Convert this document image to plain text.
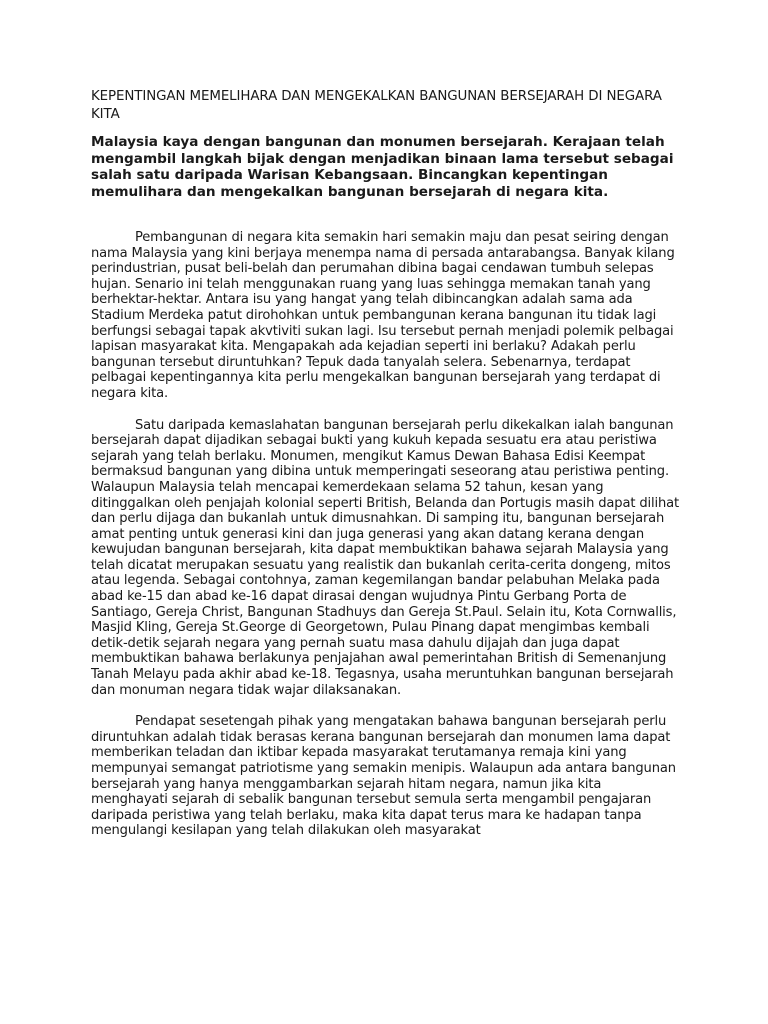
KEPENTINGAN MEMELIHARA DAN MENGEKALKAN BANGUNAN BERSEJARAH DI NEGARA KITA

Malaysia kaya dengan bangunan dan monumen bersejarah. Kerajaan telah mengambil langkah bijak dengan menjadikan binaan lama tersebut sebagai salah satu daripada Warisan Kebangsaan. Bincangkan kepentingan memulihara dan mengekalkan bangunan bersejarah di negara kita.

Pembangunan di negara kita semakin hari semakin maju dan pesat seiring dengan nama Malaysia yang kini berjaya menempa nama di persada antarabangsa. Banyak kilang perindustrian, pusat beli-belah dan perumahan dibina bagai cendawan tumbuh selepas hujan. Senario ini telah menggunakan ruang yang luas sehingga memakan tanah yang berhektar-hektar. Antara isu yang hangat yang telah dibincangkan adalah sama ada Stadium Merdeka patut dirohohkan untuk pembangunan kerana bangunan itu tidak lagi berfungsi sebagai tapak akvtiviti sukan lagi. Isu tersebut pernah menjadi polemik pelbagai lapisan masyarakat kita. Mengapakah ada kejadian seperti ini berlaku? Adakah perlu bangunan tersebut diruntuhkan? Tepuk dada tanyalah selera. Sebenarnya, terdapat pelbagai kepentingannya kita perlu mengekalkan bangunan bersejarah yang terdapat di negara kita.

Satu daripada kemaslahatan bangunan bersejarah perlu dikekalkan ialah bangunan bersejarah dapat dijadikan sebagai bukti yang kukuh kepada sesuatu era atau peristiwa sejarah yang telah berlaku. Monumen, mengikut Kamus Dewan Bahasa Edisi Keempat bermaksud bangunan yang dibina untuk memperingati seseorang atau peristiwa penting. Walaupun Malaysia telah mencapai kemerdekaan selama 52 tahun, kesan yang ditinggalkan oleh penjajah kolonial seperti British, Belanda dan Portugis masih dapat dilihat dan perlu dijaga dan bukanlah untuk dimusnahkan. Di samping itu, bangunan bersejarah amat penting untuk generasi kini dan juga generasi yang akan datang kerana dengan kewujudan bangunan bersejarah, kita dapat membuktikan bahawa sejarah Malaysia yang telah dicatat merupakan sesuatu yang realistik dan bukanlah cerita-cerita dongeng, mitos atau legenda. Sebagai contohnya, zaman kegemilangan bandar pelabuhan Melaka pada abad ke-15 dan abad ke-16 dapat dirasai dengan wujudnya Pintu Gerbang Porta de Santiago, Gereja Christ, Bangunan Stadhuys dan Gereja St.Paul. Selain itu, Kota Cornwallis, Masjid Kling, Gereja St.George di Georgetown, Pulau Pinang dapat mengimbas kembali detik-detik sejarah negara yang pernah suatu masa dahulu dijajah dan juga dapat membuktikan bahawa berlakunya penjajahan awal pemerintahan British di Semenanjung Tanah Melayu pada akhir abad ke-18. Tegasnya, usaha meruntuhkan bangunan bersejarah dan monuman negara tidak wajar dilaksanakan.

Pendapat sesetengah pihak yang mengatakan bahawa bangunan bersejarah perlu diruntuhkan adalah tidak berasas kerana bangunan bersejarah dan monumen lama dapat memberikan teladan dan iktibar kepada masyarakat terutamanya remaja kini yang mempunyai semangat patriotisme yang semakin menipis. Walaupun ada antara bangunan bersejarah yang hanya menggambarkan sejarah hitam negara, namun jika kita menghayati sejarah di sebalik bangunan tersebut semula serta mengambil pengajaran daripada peristiwa yang telah berlaku, maka kita dapat terus mara ke hadapan tanpa mengulangi kesilapan yang telah dilakukan oleh masyarakat
